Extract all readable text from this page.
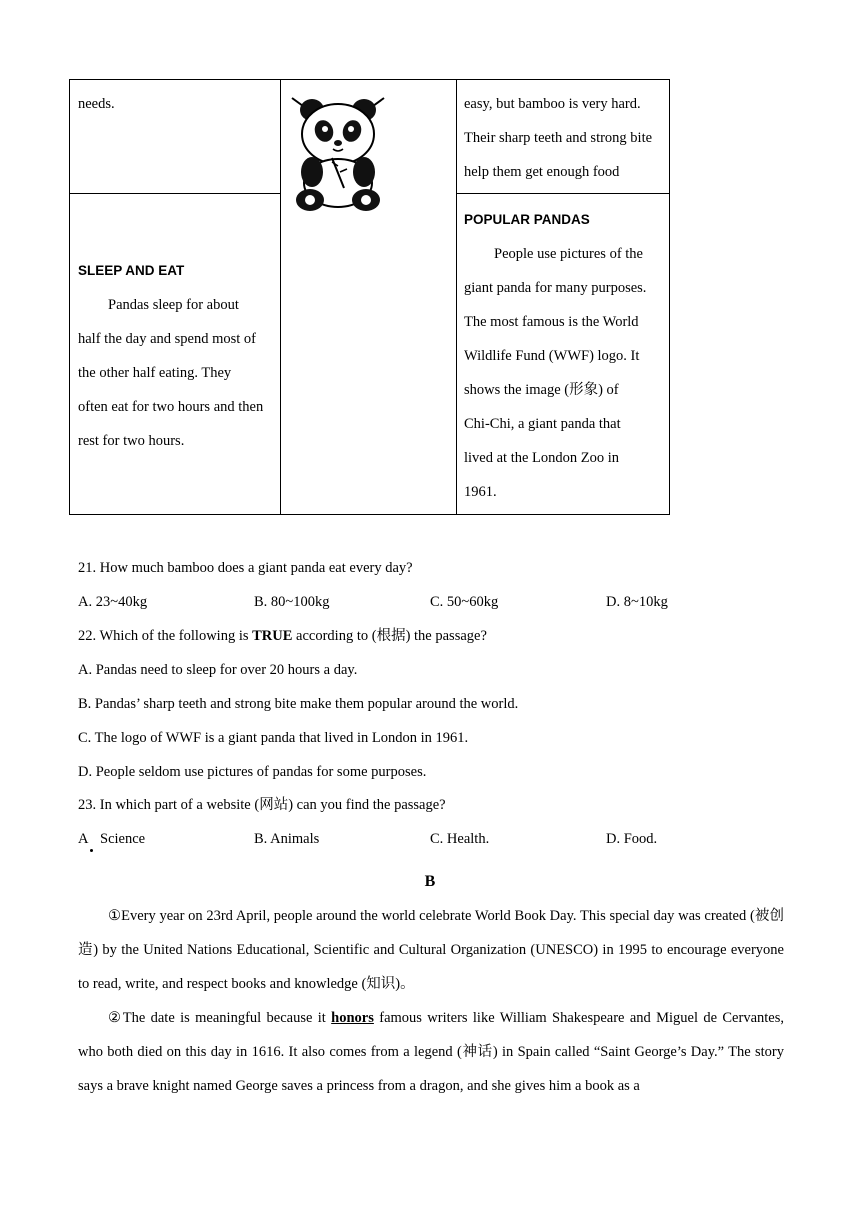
needs.	easy, but bamboo is very hard.

Their sharp teeth and strong bite

help them get enough food

SLEEP AND EAT

Pandas sleep for about

half the day and spend most of

the other half eating. They

often eat for two hours and then

rest for two hours.

POPULAR PANDAS

People use pictures of the

giant panda for many purposes.

The most famous is the World

Wildlife Fund (WWF) logo. It

shows the image (形象) of

Chi-Chi, a giant panda that

lived at the London Zoo in

1961.

21. How much bamboo does a giant panda eat every day?
A. 23~40kg	B. 80~100kg	C. 50~60kg	D. 8~10kg
22. Which of the following is TRUE according to (根据) the passage?
A. Pandas need to sleep for over 20 hours a day.
B. Pandas’ sharp teeth and strong bite make them popular around the world.
C. The logo of WWF is a giant panda that lived in London in 1961.
D. People seldom use pictures of pandas for some purposes.
23. In which part of a website (网站) can you find the passage?
A Science	B. Animals	C. Health.	D. Food.
B

①Every year on 23rd April, people around the world celebrate World Book Day. This special day was created (被创造) by the United Nations Educational, Scientific and Cultural Organization (UNESCO) in 1995 to encourage everyone to read, write, and respect books and knowledge (知识)。

②The date is meaningful because it honors famous writers like William Shakespeare and Miguel de Cervantes, who both died on this day in 1616. It also comes from a legend (神话) in Spain called “Saint George’s Day.” The story says a brave knight named George saves a princess from a dragon, and she gives him a book as a
